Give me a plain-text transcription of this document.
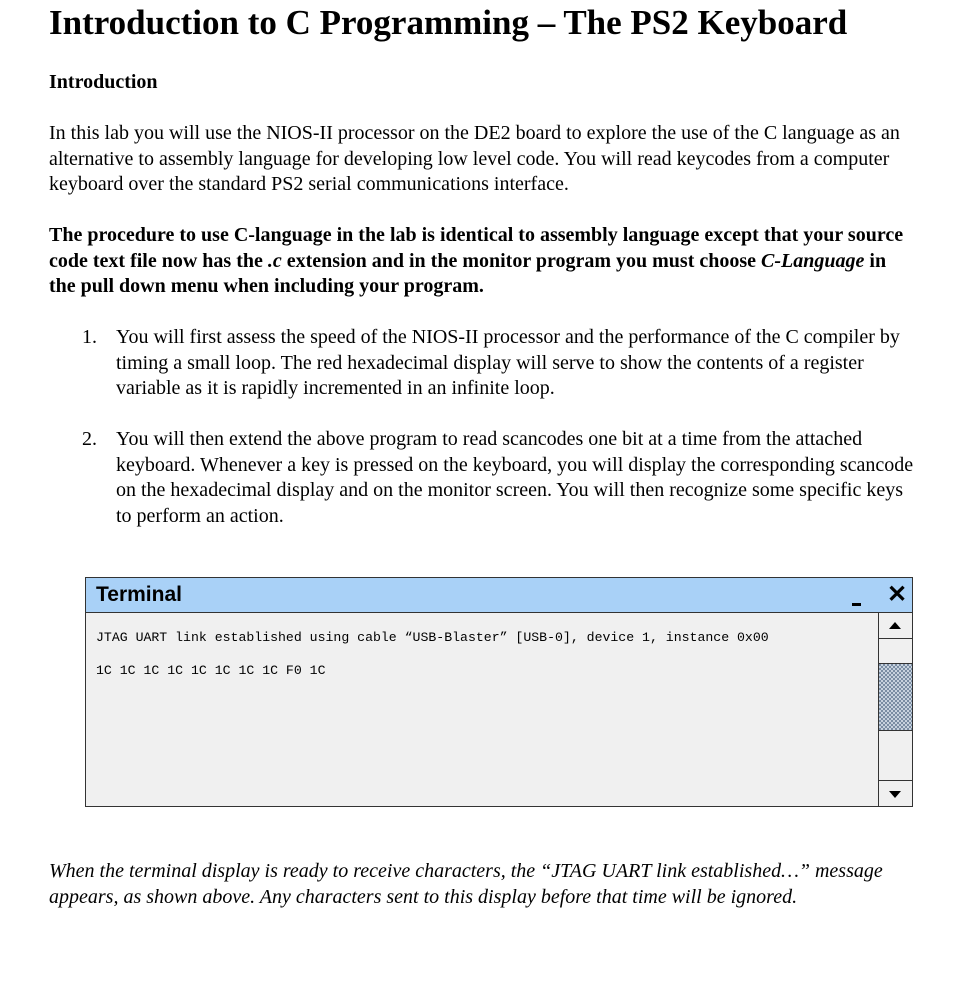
Introduction to C Programming – The PS2 Keyboard
Introduction
In this lab you will use the NIOS-II processor on the DE2 board to explore the use of the C language as an alternative to assembly language for developing low level code. You will read keycodes from a computer keyboard over the standard PS2 serial communications interface.
The procedure to use C-language in the lab is identical to assembly language except that your source code text file now has the .c extension and in the monitor program you must choose C-Language in the pull down menu when including your program.
1. You will first assess the speed of the NIOS-II processor and the performance of the C compiler by timing a small loop. The red hexadecimal display will serve to show the contents of a register variable as it is rapidly incremented in an infinite loop.
2. You will then extend the above program to read scancodes one bit at a time from the attached keyboard. Whenever a key is pressed on the keyboard, you will display the corresponding scancode on the hexadecimal display and on the monitor screen. You will then recognize some specific keys to perform an action.
Terminal	✕
JTAG UART link established using cable “USB-Blaster” [USB-0], device 1, instance 0x00
1C 1C 1C 1C 1C 1C 1C 1C F0 1C
When the terminal display is ready to receive characters, the “JTAG UART link established…” message appears, as shown above. Any characters sent to this display before that time will be ignored.
